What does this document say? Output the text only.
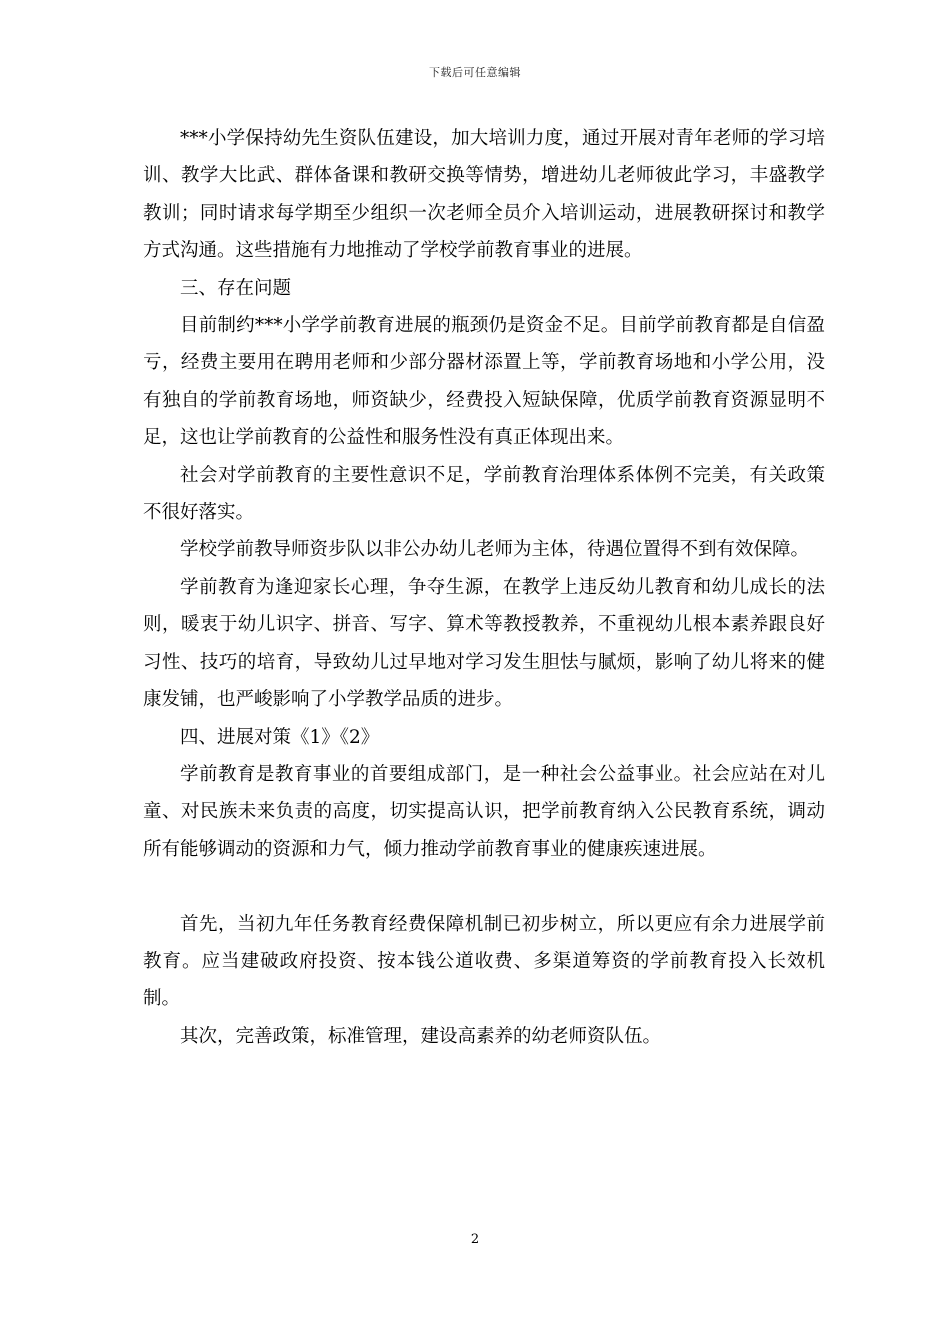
下载后可任意编辑

***小学保持幼先生资队伍建设，加大培训力度，通过开展对青年老师的学习培训、教学大比武、群体备课和教研交换等情势，增进幼儿老师彼此学习，丰盛教学教训；同时请求每学期至少组织一次老师全员介入培训运动，进展教研探讨和教学方式沟通。这些措施有力地推动了学校学前教育事业的进展。

三、存在问题

目前制约***小学学前教育进展的瓶颈仍是资金不足。目前学前教育都是自信盈亏，经费主要用在聘用老师和少部分器材添置上等，学前教育场地和小学公用，没有独自的学前教育场地，师资缺少，经费投入短缺保障，优质学前教育资源显明不足，这也让学前教育的公益性和服务性没有真正体现出来。

社会对学前教育的主要性意识不足，学前教育治理体系体例不完美，有关政策不很好落实。

学校学前教导师资步队以非公办幼儿老师为主体，待遇位置得不到有效保障。

学前教育为逢迎家长心理，争夺生源，在教学上违反幼儿教育和幼儿成长的法则，暖衷于幼儿识字、拼音、写字、算术等教授教养，不重视幼儿根本素养跟良好习性、技巧的培育，导致幼儿过早地对学习发生胆怯与腻烦，影响了幼儿将来的健康发铺，也严峻影响了小学教学品质的进步。

四、进展对策《1》《2》

学前教育是教育事业的首要组成部门，是一种社会公益事业。社会应站在对儿童、对民族未来负责的高度，切实提高认识，把学前教育纳入公民教育系统，调动所有能够调动的资源和力气，倾力推动学前教育事业的健康疾速进展。

首先，当初九年任务教育经费保障机制已初步树立，所以更应有余力进展学前教育。应当建破政府投资、按本钱公道收费、多渠道筹资的学前教育投入长效机制。

其次，完善政策，标准管理，建设高素养的幼老师资队伍。

2
